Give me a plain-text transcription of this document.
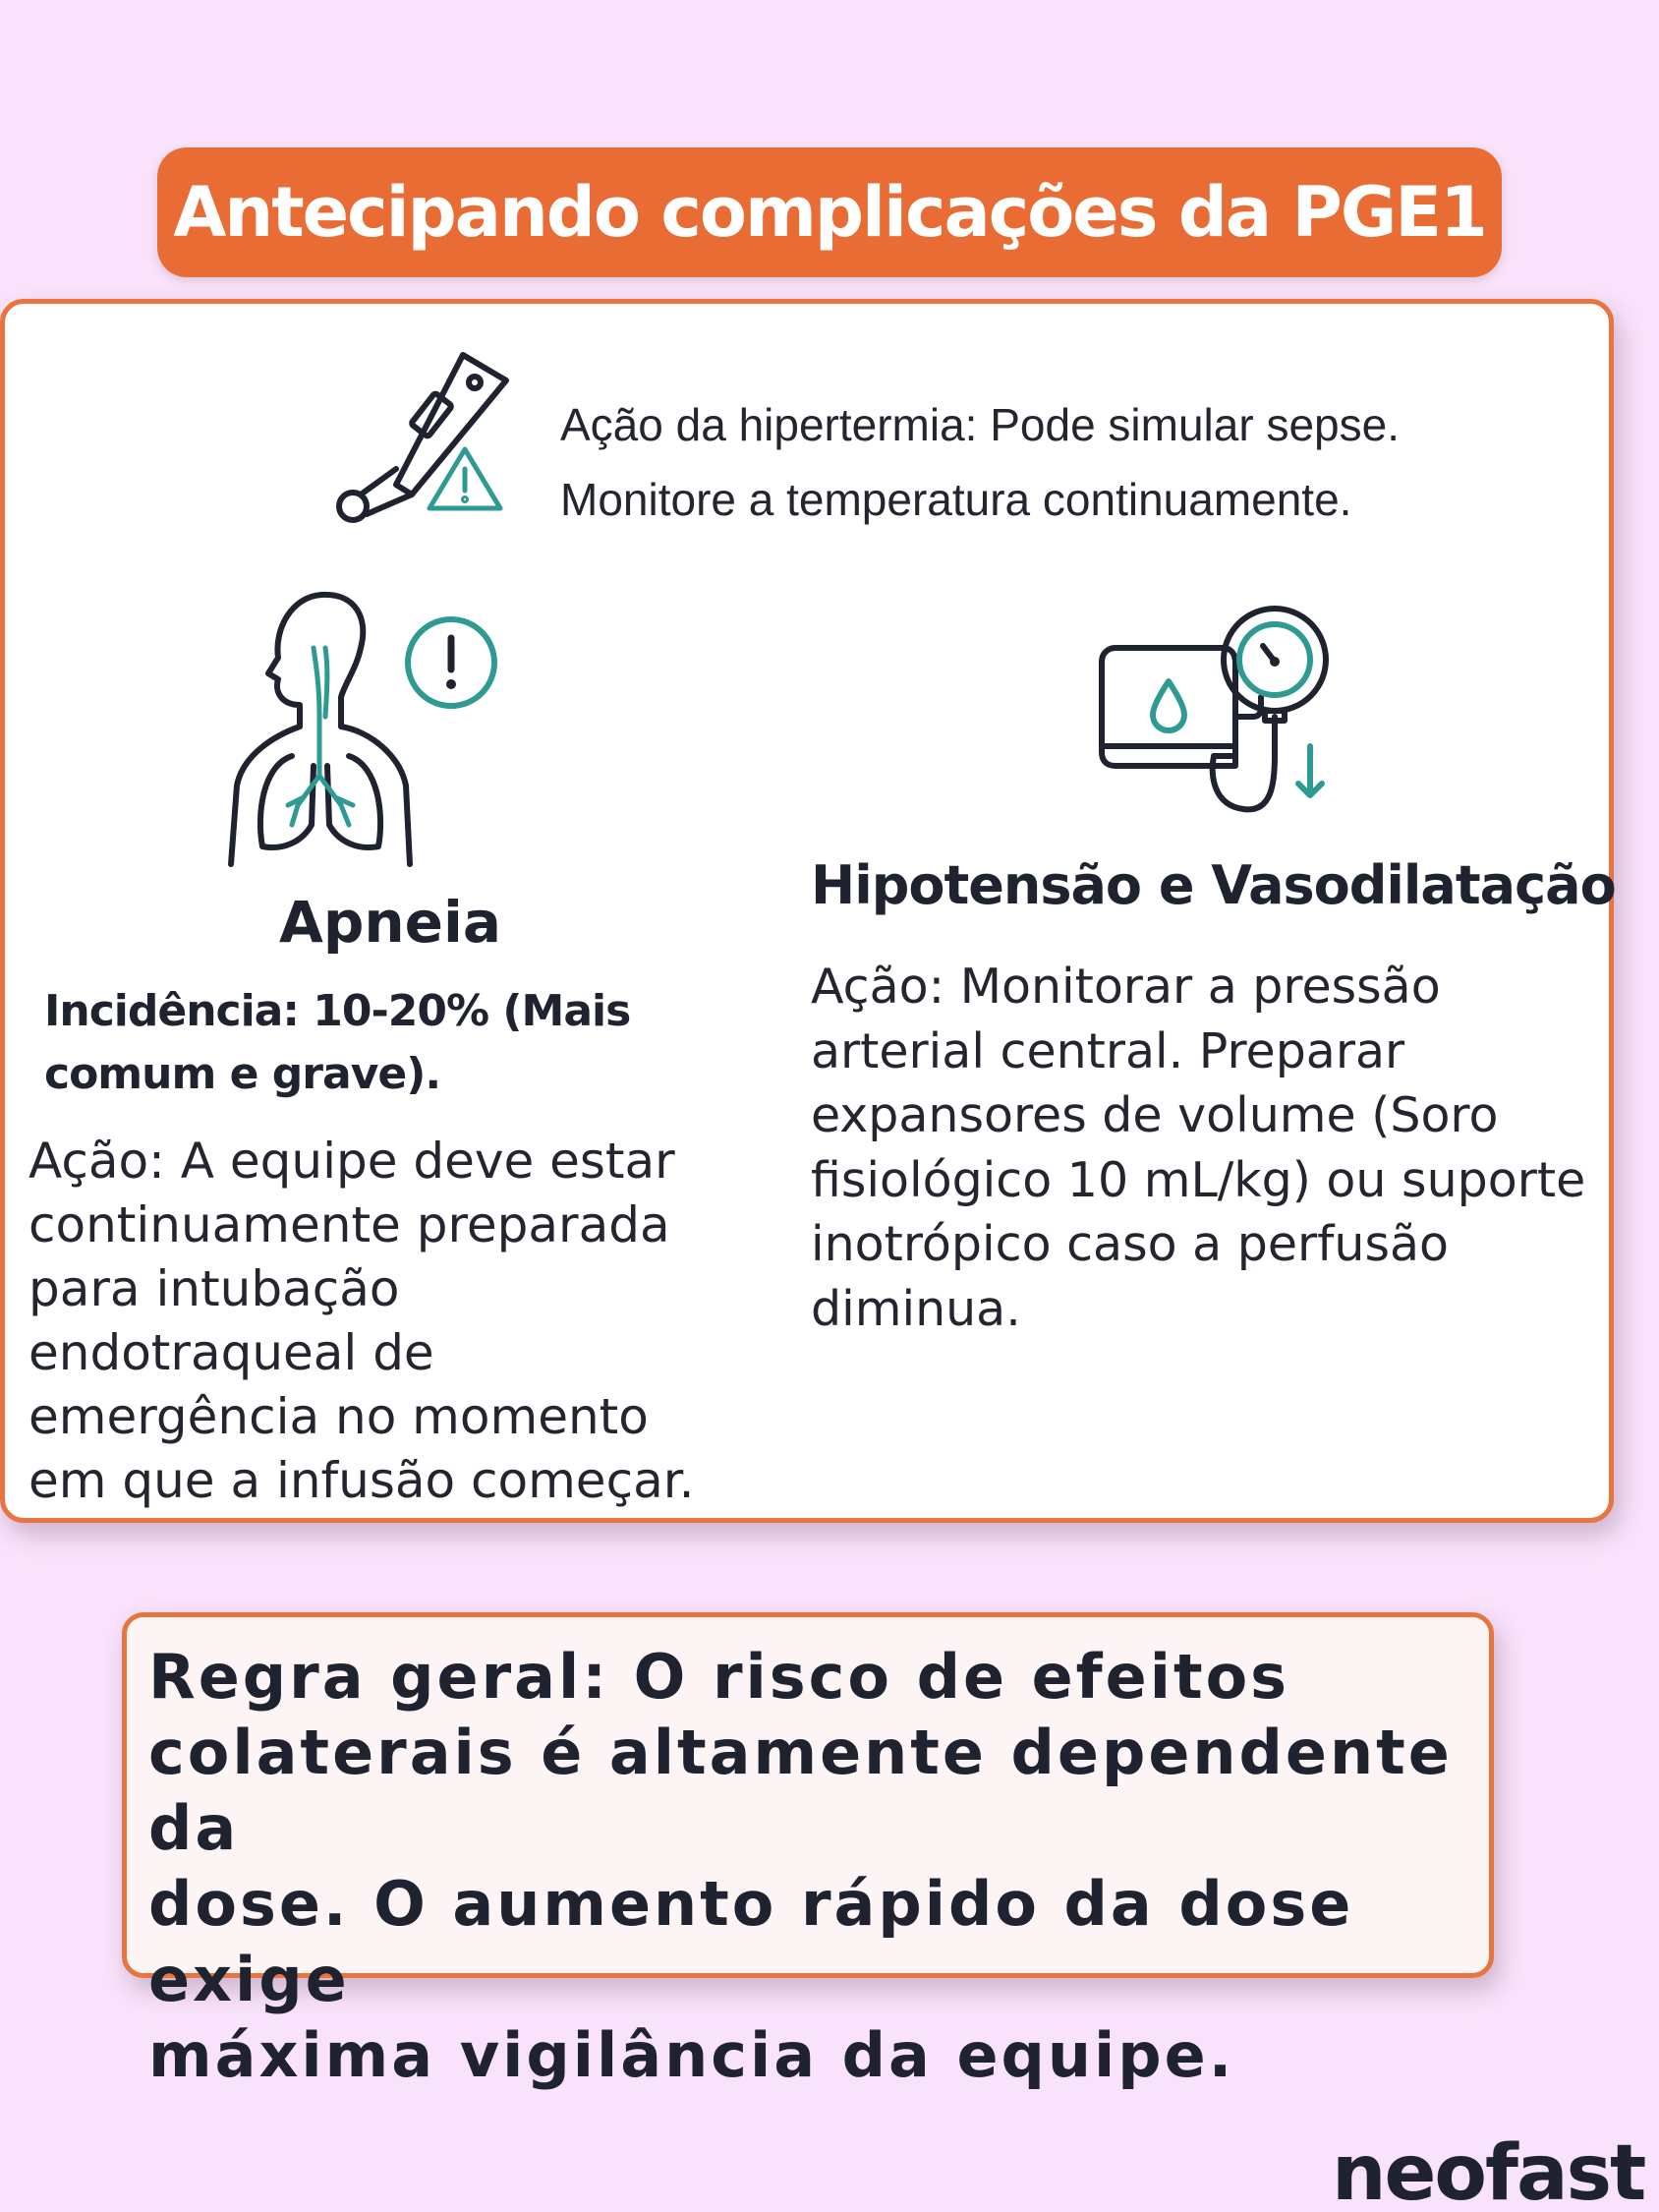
Antecipando complicações da PGE1
Ação da hipertermia: Pode simular sepse.
Monitore a temperatura continuamente.
Apneia
Incidência: 10-20% (Mais comum e grave).
Ação: A equipe deve estar
continuamente preparada
para intubação
endotraqueal de
emergência no momento
em que a infusão começar.
Hipotensão e Vasodilatação
Ação: Monitorar a pressão
arterial central. Preparar
expansores de volume (Soro
fisiológico 10 mL/kg) ou suporte
inotrópico caso a perfusão
diminua.
Regra geral: O risco de efeitos
colaterais é altamente dependente da
dose. O aumento rápido da dose exige
máxima vigilância da equipe.
neofast
